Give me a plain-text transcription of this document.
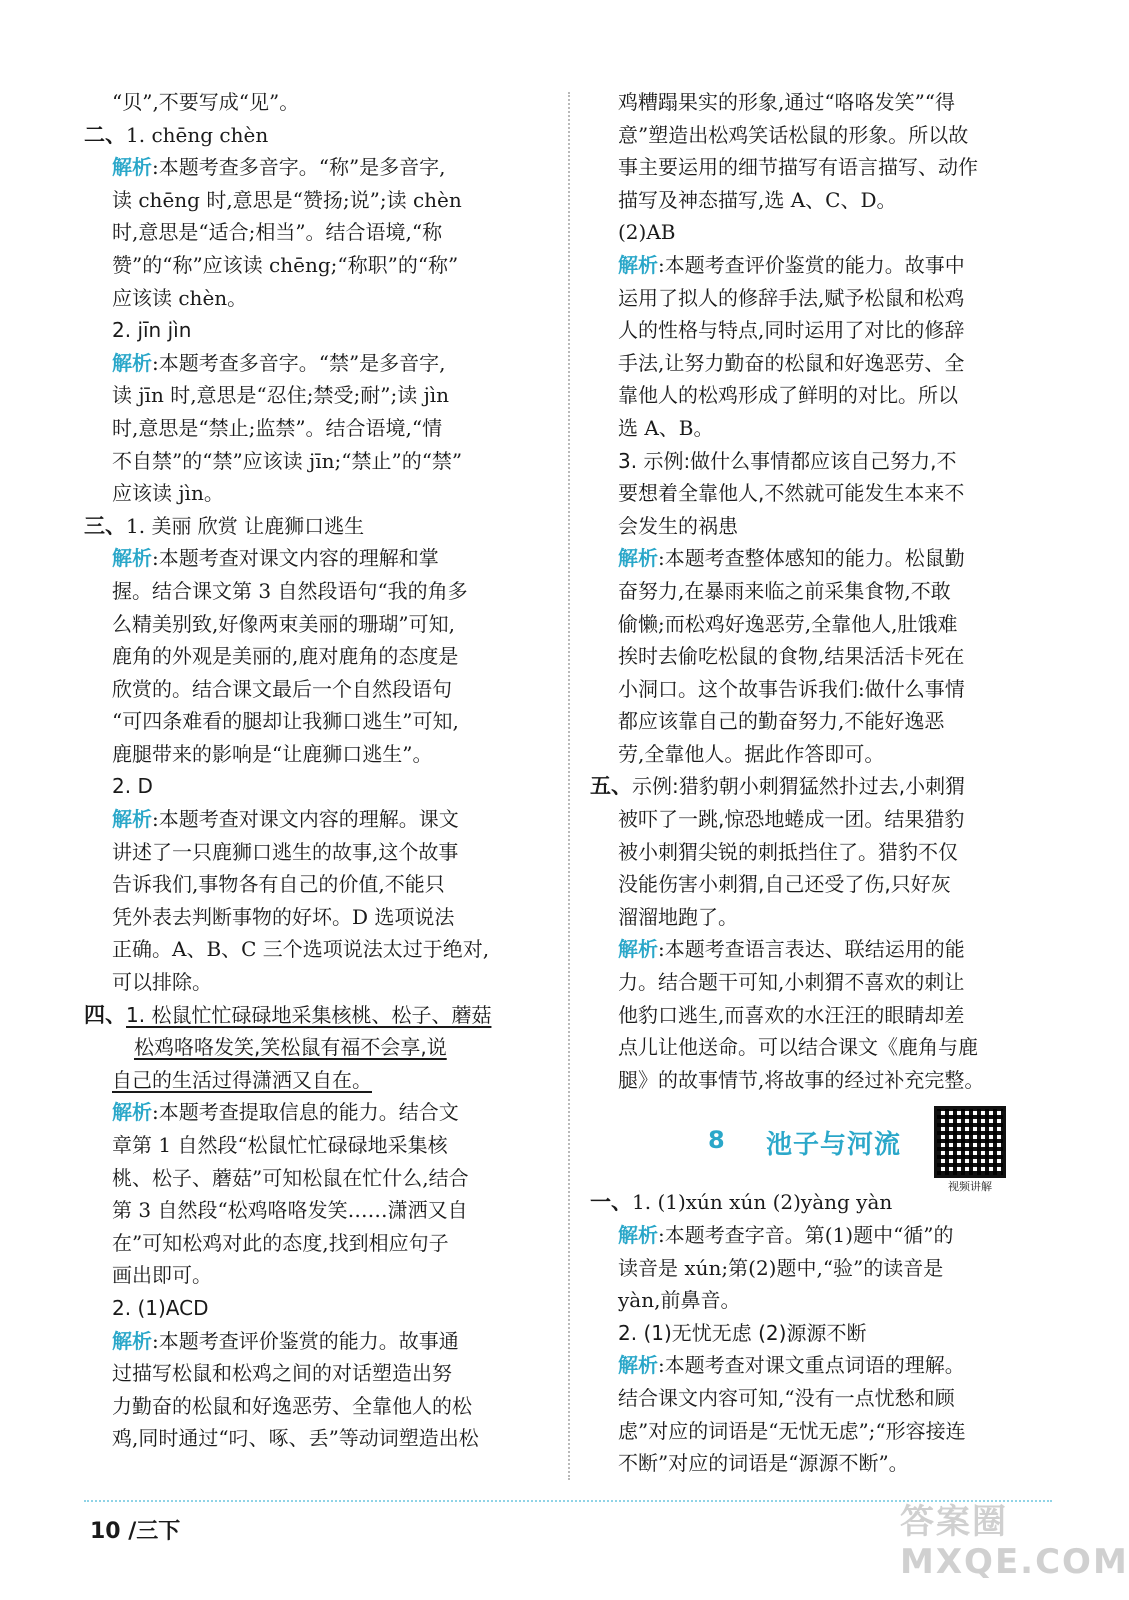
“贝”,不要写成“见”。
二、1. chēng chèn
解析:本题考查多音字。“称”是多音字,
读 chēng 时,意思是“赞扬;说”;读 chèn
时,意思是“适合;相当”。结合语境,“称
赞”的“称”应该读 chēng;“称职”的“称”
应该读 chèn。
2. jīn jìn
解析:本题考查多音字。“禁”是多音字,
读 jīn 时,意思是“忍住;禁受;耐”;读 jìn
时,意思是“禁止;监禁”。结合语境,“情
不自禁”的“禁”应该读 jīn;“禁止”的“禁”
应该读 jìn。
三、1. 美丽 欣赏 让鹿狮口逃生
解析:本题考查对课文内容的理解和掌
握。结合课文第 3 自然段语句“我的角多
么精美别致,好像两束美丽的珊瑚”可知,
鹿角的外观是美丽的,鹿对鹿角的态度是
欣赏的。结合课文最后一个自然段语句
“可四条难看的腿却让我狮口逃生”可知,
鹿腿带来的影响是“让鹿狮口逃生”。
2. D
解析:本题考查对课文内容的理解。课文
讲述了一只鹿狮口逃生的故事,这个故事
告诉我们,事物各有自己的价值,不能只
凭外表去判断事物的好坏。D 选项说法
正确。A、B、C 三个选项说法太过于绝对,
可以排除。
四、1. 松鼠忙忙碌碌地采集核桃、松子、蘑菇
松鸡咯咯发笑,笑松鼠有福不会享,说
自己的生活过得潇洒又自在。
解析:本题考查提取信息的能力。结合文
章第 1 自然段“松鼠忙忙碌碌地采集核
桃、松子、蘑菇”可知松鼠在忙什么,结合
第 3 自然段“松鸡咯咯发笑……潇洒又自
在”可知松鸡对此的态度,找到相应句子
画出即可。
2. (1)ACD
解析:本题考查评价鉴赏的能力。故事通
过描写松鼠和松鸡之间的对话塑造出努
力勤奋的松鼠和好逸恶劳、全靠他人的松
鸡,同时通过“叼、啄、丢”等动词塑造出松
鸡糟蹋果实的形象,通过“咯咯发笑”“得
意”塑造出松鸡笑话松鼠的形象。所以故
事主要运用的细节描写有语言描写、动作
描写及神态描写,选 A、C、D。
(2)AB
解析:本题考查评价鉴赏的能力。故事中
运用了拟人的修辞手法,赋予松鼠和松鸡
人的性格与特点,同时运用了对比的修辞
手法,让努力勤奋的松鼠和好逸恶劳、全
靠他人的松鸡形成了鲜明的对比。所以
选 A、B。
3. 示例:做什么事情都应该自己努力,不
要想着全靠他人,不然就可能发生本来不
会发生的祸患
解析:本题考查整体感知的能力。松鼠勤
奋努力,在暴雨来临之前采集食物,不敢
偷懒;而松鸡好逸恶劳,全靠他人,肚饿难
挨时去偷吃松鼠的食物,结果活活卡死在
小洞口。这个故事告诉我们:做什么事情
都应该靠自己的勤奋努力,不能好逸恶
劳,全靠他人。据此作答即可。
五、示例:猎豹朝小刺猬猛然扑过去,小刺猬
被吓了一跳,惊恐地蜷成一团。结果猎豹
被小刺猬尖锐的刺抵挡住了。猎豹不仅
没能伤害小刺猬,自己还受了伤,只好灰
溜溜地跑了。
解析:本题考查语言表达、联结运用的能
力。结合题干可知,小刺猬不喜欢的刺让
他豹口逃生,而喜欢的水汪汪的眼睛却差
点儿让他送命。可以结合课文《鹿角与鹿
腿》的故事情节,将故事的经过补充完整。
8 池子与河流
视频讲解
一、1. (1)xún xún (2)yàng yàn
解析:本题考查字音。第(1)题中“循”的
读音是 xún;第(2)题中,“验”的读音是
yàn,前鼻音。
2. (1)无忧无虑 (2)源源不断
解析:本题考查对课文重点词语的理解。
结合课文内容可知,“没有一点忧愁和顾
虑”对应的词语是“无忧无虑”;“形容接连
不断”对应的词语是“源源不断”。
10 /三下	答案圈
MXQE.COM
